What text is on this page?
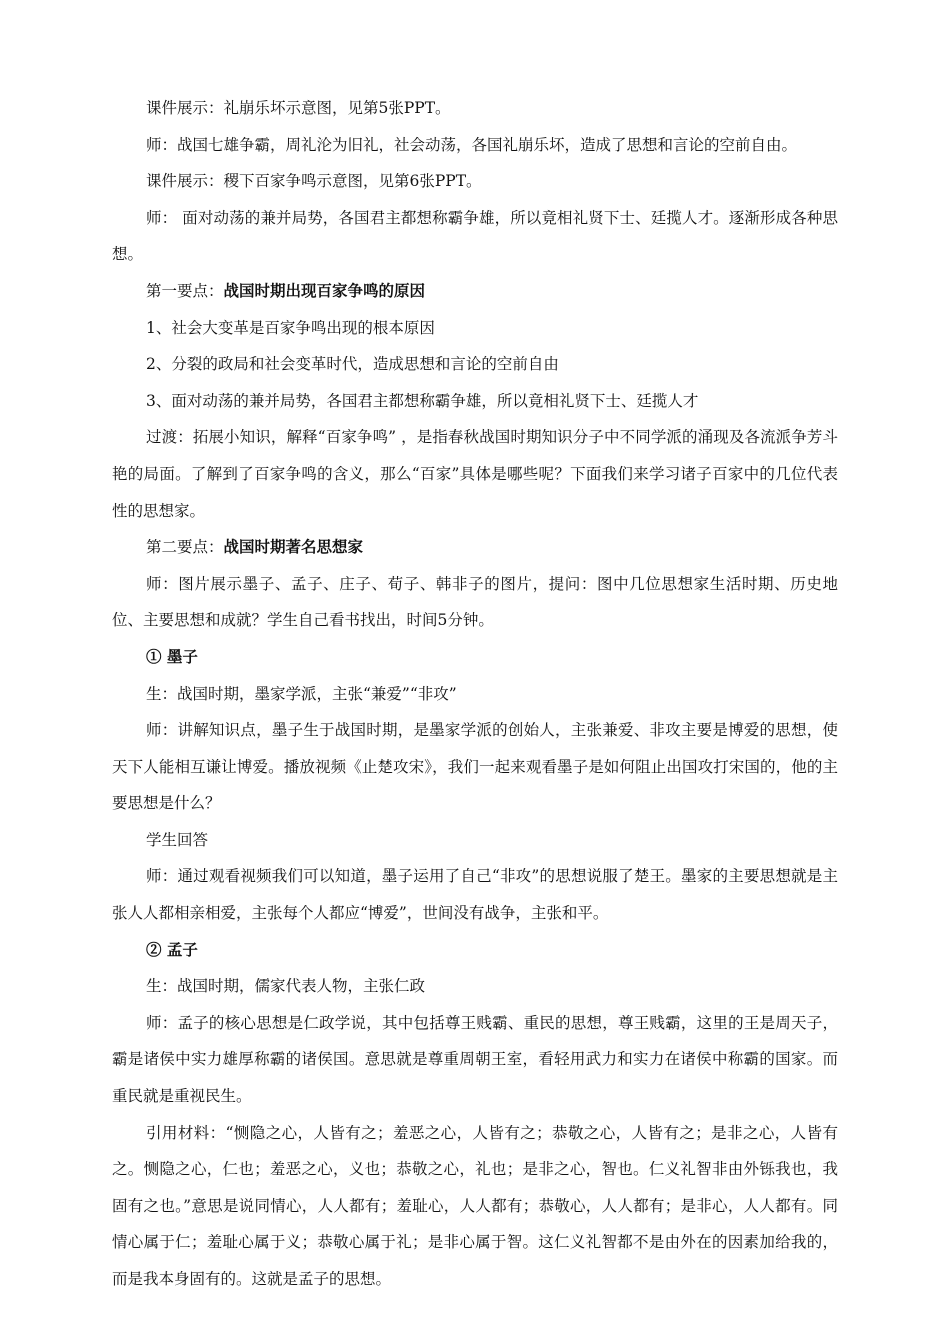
课件展示：礼崩乐坏示意图，见第5张PPT。

师：战国七雄争霸，周礼沦为旧礼，社会动荡，各国礼崩乐坏，造成了思想和言论的空前自由。

课件展示：稷下百家争鸣示意图，见第6张PPT。

师： 面对动荡的兼并局势，各国君主都想称霸争雄，所以竟相礼贤下士、廷揽人才。逐渐形成各种思想。

第一要点：战国时期出现百家争鸣的原因

1、社会大变革是百家争鸣出现的根本原因

2、分裂的政局和社会变革时代，造成思想和言论的空前自由

3、面对动荡的兼并局势，各国君主都想称霸争雄，所以竟相礼贤下士、廷揽人才

过渡：拓展小知识，解释“百家争鸣” ，是指春秋战国时期知识分子中不同学派的涌现及各流派争芳斗艳的局面。了解到了百家争鸣的含义，那么“百家”具体是哪些呢？下面我们来学习诸子百家中的几位代表性的思想家。

第二要点：战国时期著名思想家

师：图片展示墨子、孟子、庄子、荀子、韩非子的图片，提问：图中几位思想家生活时期、历史地位、主要思想和成就？学生自己看书找出，时间5分钟。

① 墨子

生：战国时期，墨家学派，主张“兼爱”“非攻”

师：讲解知识点，墨子生于战国时期，是墨家学派的创始人，主张兼爱、非攻主要是博爱的思想，使天下人能相互谦让博爱。播放视频《止楚攻宋》，我们一起来观看墨子是如何阻止出国攻打宋国的，他的主要思想是什么？

学生回答

师：通过观看视频我们可以知道，墨子运用了自己“非攻”的思想说服了楚王。墨家的主要思想就是主张人人都相亲相爱，主张每个人都应“博爱”，世间没有战争，主张和平。

② 孟子

生：战国时期，儒家代表人物，主张仁政

师：孟子的核心思想是仁政学说，其中包括尊王贱霸、重民的思想，尊王贱霸，这里的王是周天子，霸是诸侯中实力雄厚称霸的诸侯国。意思就是尊重周朝王室，看轻用武力和实力在诸侯中称霸的国家。而重民就是重视民生。

引用材料：“恻隐之心，人皆有之；羞恶之心，人皆有之；恭敬之心，人皆有之；是非之心，人皆有之。恻隐之心，仁也；羞恶之心，义也；恭敬之心，礼也；是非之心，智也。仁义礼智非由外铄我也，我固有之也。”意思是说同情心，人人都有；羞耻心，人人都有；恭敬心，人人都有；是非心，人人都有。同情心属于仁；羞耻心属于义；恭敬心属于礼；是非心属于智。这仁义礼智都不是由外在的因素加给我的，而是我本身固有的。这就是孟子的思想。
